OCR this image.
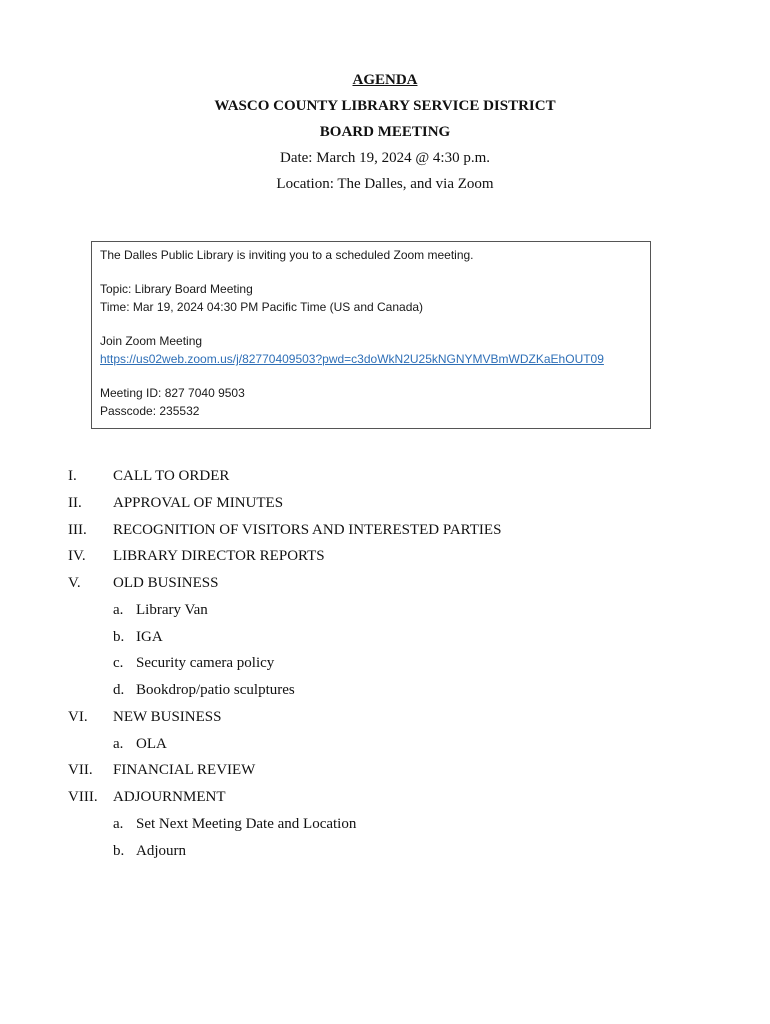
AGENDA
WASCO COUNTY LIBRARY SERVICE DISTRICT
BOARD MEETING
Date: March 19, 2024 @ 4:30 p.m.
Location: The Dalles, and via Zoom
The Dalles Public Library is inviting you to a scheduled Zoom meeting.
Topic: Library Board Meeting
Time: Mar 19, 2024 04:30 PM Pacific Time (US and Canada)
Join Zoom Meeting
https://us02web.zoom.us/j/82770409503?pwd=c3doWkN2U25kNGNYMVBmWDZKaEhOUT09
Meeting ID: 827 7040 9503
Passcode: 235532
I. CALL TO ORDER
II. APPROVAL OF MINUTES
III. RECOGNITION OF VISITORS AND INTERESTED PARTIES
IV. LIBRARY DIRECTOR REPORTS
V. OLD BUSINESS
a. Library Van
b. IGA
c. Security camera policy
d. Bookdrop/patio sculptures
VI. NEW BUSINESS
a. OLA
VII. FINANCIAL REVIEW
VIII. ADJOURNMENT
a. Set Next Meeting Date and Location
b. Adjourn
